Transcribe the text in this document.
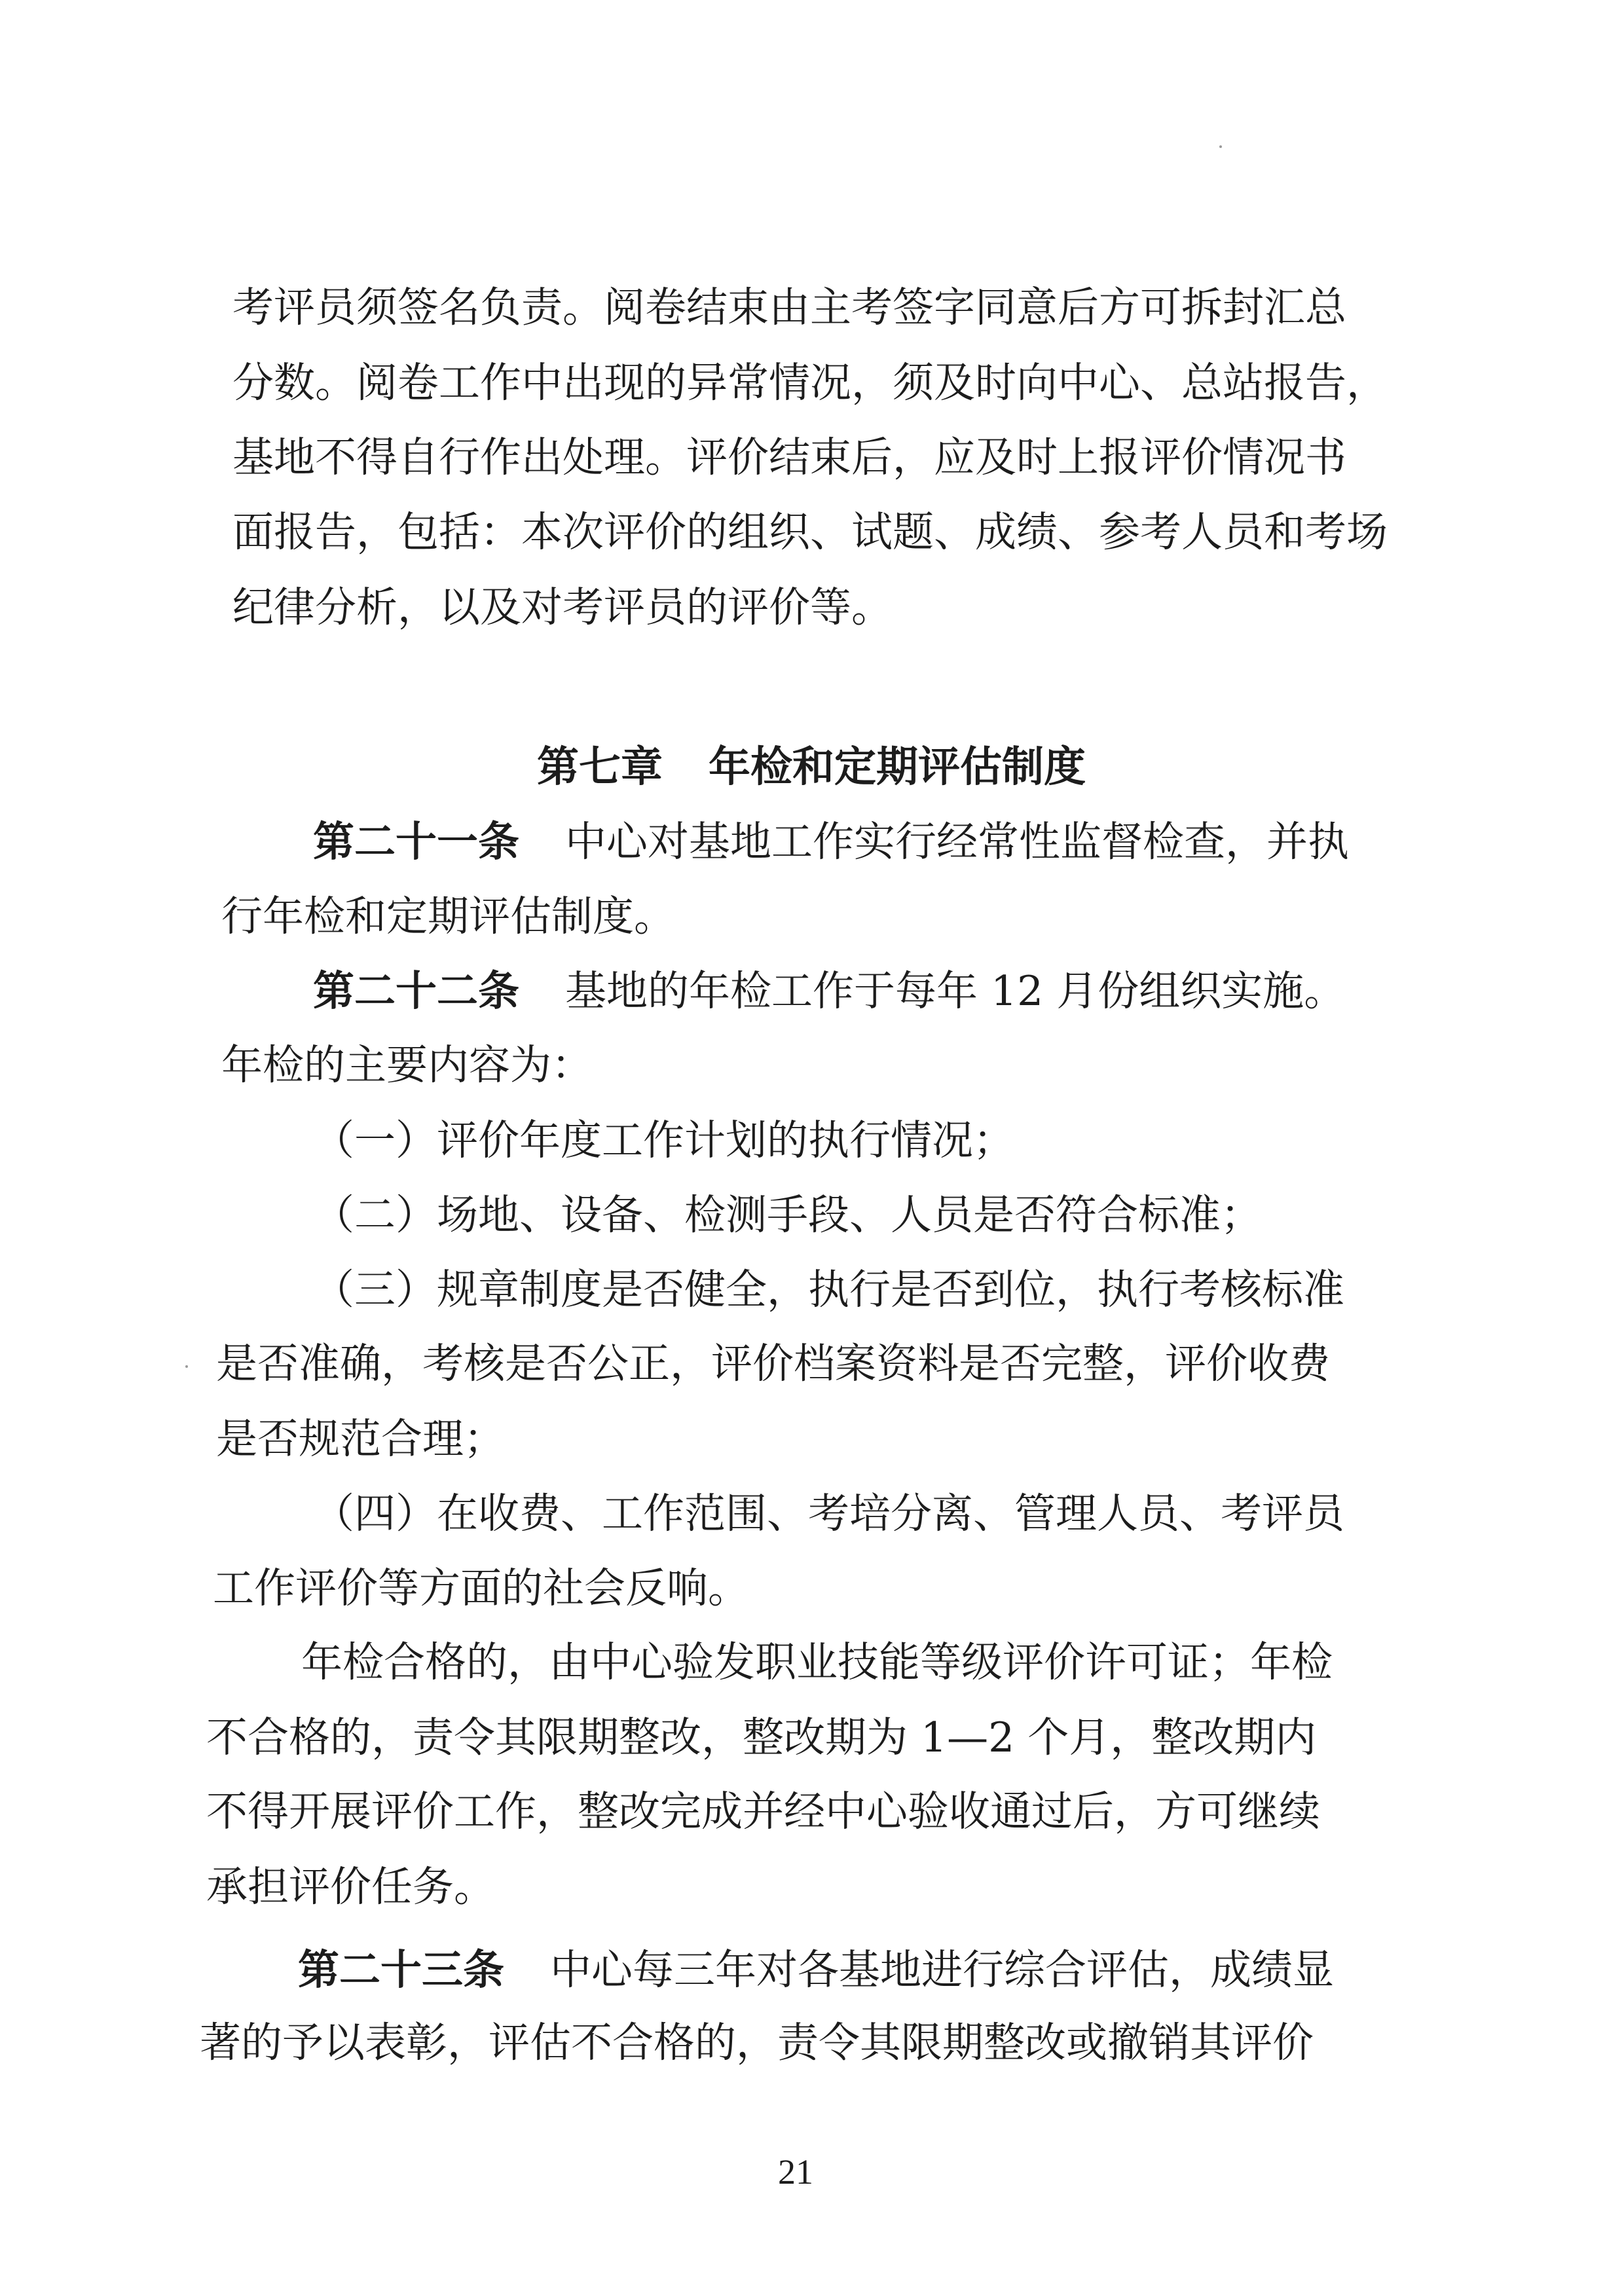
考评员须签名负责。阅卷结束由主考签字同意后方可拆封汇总
分数。阅卷工作中出现的异常情况，须及时向中心、总站报告，
基地不得自行作出处理。评价结束后，应及时上报评价情况书
面报告，包括：本次评价的组织、试题、成绩、参考人员和考场
纪律分析，以及对考评员的评价等。
第七章 年检和定期评估制度
第二十一条 中心对基地工作实行经常性监督检查，并执
行年检和定期评估制度。
第二十二条 基地的年检工作于每年 12 月份组织实施。
年检的主要内容为：
（一）评价年度工作计划的执行情况；
（二）场地、设备、检测手段、人员是否符合标准；
（三）规章制度是否健全，执行是否到位，执行考核标准
是否准确，考核是否公正，评价档案资料是否完整，评价收费
是否规范合理；
（四）在收费、工作范围、考培分离、管理人员、考评员
工作评价等方面的社会反响。
年检合格的，由中心验发职业技能等级评价许可证；年检
不合格的，责令其限期整改，整改期为 1—2 个月，整改期内
不得开展评价工作，整改完成并经中心验收通过后，方可继续
承担评价任务。
第二十三条 中心每三年对各基地进行综合评估，成绩显
著的予以表彰，评估不合格的，责令其限期整改或撤销其评价
21
